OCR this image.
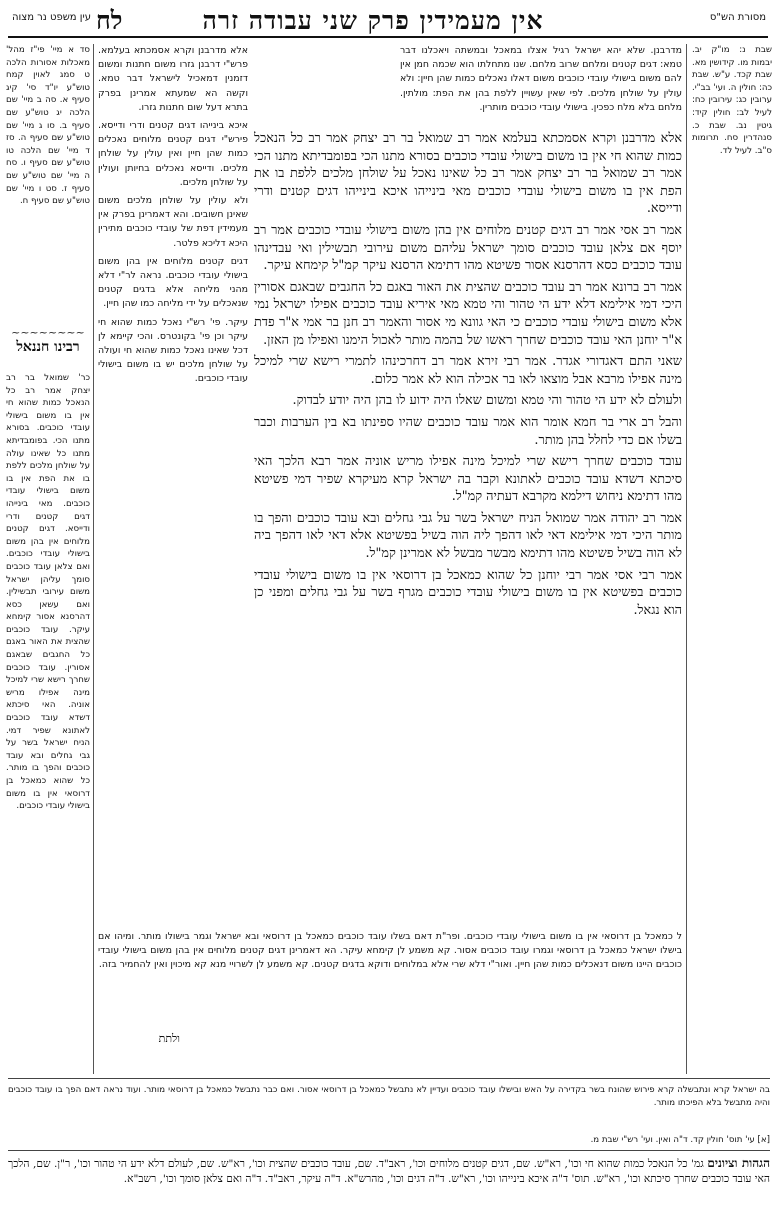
עין משפט נר מצוה לח	אין מעמידין פרק שני עבודה זרה	מסורת הש"ס
שבת נ: מו"ק יב. יבמות מו. קידושין מא. שבת קכד. ע"ש. שבת כה: חולין ה. ועי' בב"י. ערובין כג: עירובין כח: לעיל לב: חולין קיד: גיטין נב. שבת כ. סנהדרין סח. תרומות ס"ב. לעיל לד.
מדרבנן. שלא יהא ישראל רגיל אצלו במאכל ובמשתה ויאכלנו דבר טמא: דגים קטנים ומלחם שרוב מלחם. שנו מתחלתו הוא שכמה חמן אין להם משום בישולי עובדי כוכבים משום דאלו נאכלים כמות שהן חיין: ולא עולין על שולחן מלכים. לפי שאין עשויין ללפת בהן את הפת: מולתין. מלחם בלא מלח כפכין. בישולי עובדי כוכבים מותרין.

אלא מדרבנן וקרא אסמכתא בעלמא אמר רב שמואל בר רב יצחק אמר רב כל הנאכל כמות שהוא חי אין בו משום בישולי עובדי כוכבים בסורא מתנו הכי בפומבדיתא מתנו הכי אמר רב שמואל בר רב יצחק אמר רב כל שאינו נאכל על שולחן מלכים ללפת בו את הפת אין בו משום בישולי עובדי כוכבים מאי בינייהו איכא בינייהו דגים קטנים ודרי ודייסא.

אמר רב אסי אמר רב דגים קטנים מלוחים אין בהן משום בישולי עובדי כוכבים אמר רב יוסף אם צלאן עובד כוכבים סומך ישראל עליהם משום עירובי תבשילין ואי עבדינהו עובד כוכבים כסא דהרסנא אסור פשיטא מהו דתימא הרסנא עיקר קמ"ל קימחא עיקר.

אמר רב ברונא אמר רב עובד כוכבים שהצית את האור באגם כל החגבים שבאגם אסורין היכי דמי אילימא דלא ידע הי טהור והי טמא מאי איריא עובד כוכבים אפילו ישראל נמי אלא משום בישולי עובדי כוכבים כי האי גוונא מי אסור והאמר רב חנן בר אמי א"ר פדת א"ר יוחנן האי עובד כוכבים שחרך ראשו של בהמה מותר לאכול הימנו ואפילו מן האזן.

שאני התם דאגדורי אגדר. אמר רבי זירא אמר רב דחרכינהו לתמרי רישא שרי למיכל מינה אפילו מרבא אבל מוצאו לאו בר אכילה הוא לא אמר כלום.

ולעולם לא ידע הי טהור והי טמא ומשום שאלו היה ידוע לו בהן היה יודע לבדוק.

והבל רב ארי בר חמא אומר הוא אמר עובד כוכבים שהיו ספינתו בא בין הערבות וכבר בשלו אם כדי לחלל בהן מותר.

עובד כוכבים שחרך רישא שרי למיכל מינה אפילו מריש אוניה אמר רבא הלכך האי סיכתא דשדא עובד כוכבים לאתונא וקבר בה ישראל קרא מעיקרא שפיר דמי פשיטא מהו דתימא ניחוש דילמא מקרבא דעתיה קמ"ל.

אמר רב יהודה אמר שמואל הניח ישראל בשר על גבי גחלים ובא עובד כוכבים והפך בו מותר היכי דמי אילימא דאי לאו דהפך ליה הוה בשיל בפשיטא אלא דאי לאו דהפך ביה לא הוה בשיל פשיטא מהו דתימא מבשר מבשל לא אמרינן קמ"ל.

אמר רבי אסי אמר רבי יוחנן כל שהוא כמאכל בן דרוסאי אין בו משום בישולי עובדי כוכבים בפשיטא אין בו משום בישולי עובדי כוכבים מגרף בשר על גבי גחלים ומפני כן הוא נגאל.

אלא מדרבנן וקרא אסמכתא בעלמא. פרש"י דרבנן גזרו משום חתנות ומשום דזמנין דמאכיל לישראל דבר טמא. וקשה הא שמעתא אמרינן בפרק בתרא דעל שום חתנות גזרו.

איכא בינייהו דגים קטנים ודרי ודייסא. פירש"י דגים קטנים מלוחים נאכלים כמות שהן חיין ואין עולין על שולחן מלכים. ודייסא נאכלים בחיותן ועולין על שולחן מלכים.

ולא עולין על שולחן מלכים משום שאינן חשובים. והא דאמרינן בפרק אין מעמידין דפת של עובדי כוכבים מתירין היכא דליכא פלטר.

דגים קטנים מלוחים אין בהן משום בישולי עובדי כוכבים. נראה לר"י דלא מהני מליחה אלא בדגים קטנים שנאכלים על ידי מליחה כמו שהן חיין.

עיקר. פי' רש"י נאכל כמות שהוא חי עיקר וכן פי' בקונטרס. והכי קיימא לן דכל שאינו נאכל כמות שהוא חי ועולה על שולחן מלכים יש בו משום בישולי עובדי כוכבים.

סד א מיי' פי"ז מהל' מאכלות אסורות הלכה ט סמג לאוין קמח טוש"ע יו"ד סי' קיג סעיף א. סה ב מיי' שם הלכה יג טוש"ע שם סעיף ב. סו ג מיי' שם טוש"ע שם סעיף ה. סז ד מיי' שם הלכה טו טוש"ע שם סעיף ו. סח ה מיי' שם טוש"ע שם סעיף ז. סט ו מיי' שם טוש"ע שם סעיף ח.
~~~~~~~~
רבינו חננאל
כר' שמואל בר רב יצחק אמר רב כל הנאכל כמות שהוא חי אין בו משום בישולי עובדי כוכבים. בסורא מתנו הכי. בפומבדיתא מתנו כל שאינו עולה על שולחן מלכים ללפת בו את הפת אין בו משום בישולי עובדי כוכבים. מאי בינייהו דגים קטנים ודרי ודייסא. דגים קטנים מלוחים אין בהן משום בישולי עובדי כוכבים. ואם צלאן עובד כוכבים סומך עליהן ישראל משום עירובי תבשילין. ואם עשאן כסא דהרסנא אסור קימחא עיקר. עובד כוכבים שהצית את האור באגם כל החגבים שבאגם אסורין. עובד כוכבים שחרך רישא שרי למיכל מינה אפילו מריש אוניה. האי סיכתא דשדא עובד כוכבים לאתונא שפיר דמי. הניח ישראל בשר על גבי גחלים ובא עובד כוכבים והפך בו מותר. כל שהוא כמאכל בן דרוסאי אין בו משום בישולי עובדי כוכבים.
ל כמאכל בן דרוסאי אין בו משום בישולי עובדי כוכבים. ופר"ת דאם בשלו עובד כוכבים כמאכל בן דרוסאי ובא ישראל וגמר בישולו מותר. ומיהו אם בישלו ישראל כמאכל בן דרוסאי וגמרו עובד כוכבים אסור. קא משמע לן קימחא עיקר. הא דאמרינן דגים קטנים מלוחים אין בהן משום בישולי עובדי כוכבים היינו משום דנאכלים כמות שהן חיין. ואור"י דלא שרי אלא במלוחים ודוקא בדגים קטנים. קא משמע לן לשרויי מנא קא מיכוין ואין להחמיר בזה.
ולתת
בה ישראל קרא ונתבשלה קרא פירוש שהונח בשר בקדירה על האש ובישלו עובד כוכבים ועדיין לא נתבשל כמאכל בן דרוסאי אסור. ואם כבר נתבשל כמאכל בן דרוסאי מותר. ועוד נראה דאם הפך בו עובד כוכבים והיה מתבשל בלא הפיכתו מותר.
[א] עי' תוס' חולין קד. ד"ה ואין. ועי' רש"י שבת מ.
הגהות וציונים גמ' כל הנאכל כמות שהוא חי וכו', רא"ש. שם, דגים קטנים מלוחים וכו', ראב"ד. שם, עובד כוכבים שהצית וכו', רא"ש. שם, לעולם דלא ידע הי טהור וכו', ר"ן. שם, הלכך האי עובד כוכבים שחרך סיכתא וכו', רא"ש. תוס' ד"ה איכא בינייהו וכו', רא"ש. ד"ה דגים וכו', מהרש"א. ד"ה עיקר, ראב"ד. ד"ה ואם צלאן סומך וכו', רשב"א.
